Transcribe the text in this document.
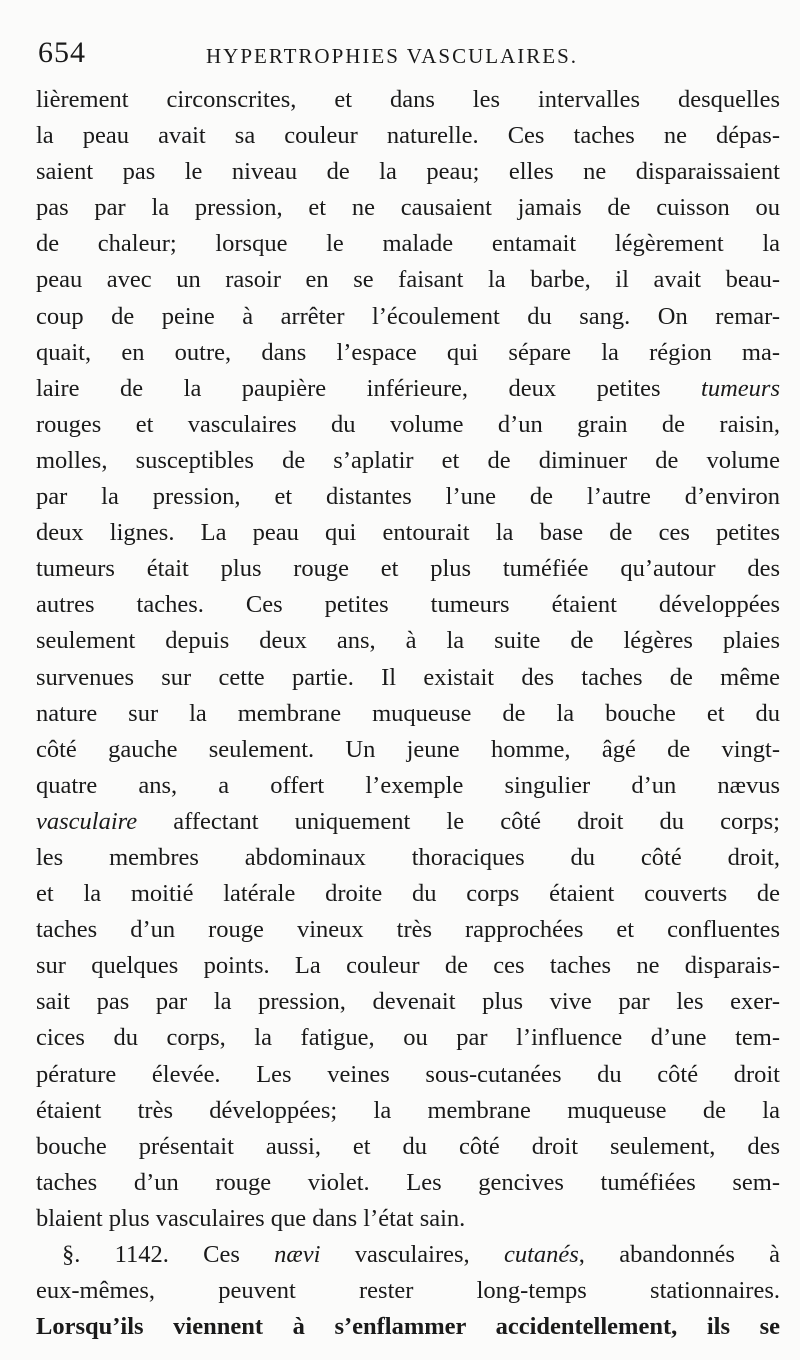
654	HYPERTROPHIES VASCULAIRES.
lièrement circonscrites, et dans les intervalles desquelles
la peau avait sa couleur naturelle. Ces taches ne dépas-
saient pas le niveau de la peau; elles ne disparaissaient
pas par la pression, et ne causaient jamais de cuisson ou
de chaleur; lorsque le malade entamait légèrement la
peau avec un rasoir en se faisant la barbe, il avait beau-
coup de peine à arrêter l’écoulement du sang. On remar-
quait, en outre, dans l’espace qui sépare la région ma-
laire de la paupière inférieure, deux petites tumeurs
rouges et vasculaires du volume d’un grain de raisin,
molles, susceptibles de s’aplatir et de diminuer de volume
par la pression, et distantes l’une de l’autre d’environ
deux lignes. La peau qui entourait la base de ces petites
tumeurs était plus rouge et plus tuméfiée qu’autour des
autres taches. Ces petites tumeurs étaient développées
seulement depuis deux ans, à la suite de légères plaies
survenues sur cette partie. Il existait des taches de même
nature sur la membrane muqueuse de la bouche et du
côté gauche seulement. Un jeune homme, âgé de vingt-
quatre ans, a offert l’exemple singulier d’un nævus
vasculaire affectant uniquement le côté droit du corps;
les membres abdominaux thoraciques du côté droit,
et la moitié latérale droite du corps étaient couverts de
taches d’un rouge vineux très rapprochées et confluentes
sur quelques points. La couleur de ces taches ne disparais-
sait pas par la pression, devenait plus vive par les exer-
cices du corps, la fatigue, ou par l’influence d’une tem-
pérature élevée. Les veines sous-cutanées du côté droit
étaient très développées; la membrane muqueuse de la
bouche présentait aussi, et du côté droit seulement, des
taches d’un rouge violet. Les gencives tuméfiées sem-
blaient plus vasculaires que dans l’état sain.
§. 1142. Ces nævi vasculaires, cutanés, abandonnés à
eux-mêmes, peuvent rester long-temps stationnaires.
Lorsqu’ils viennent à s’enflammer accidentellement, ils se
